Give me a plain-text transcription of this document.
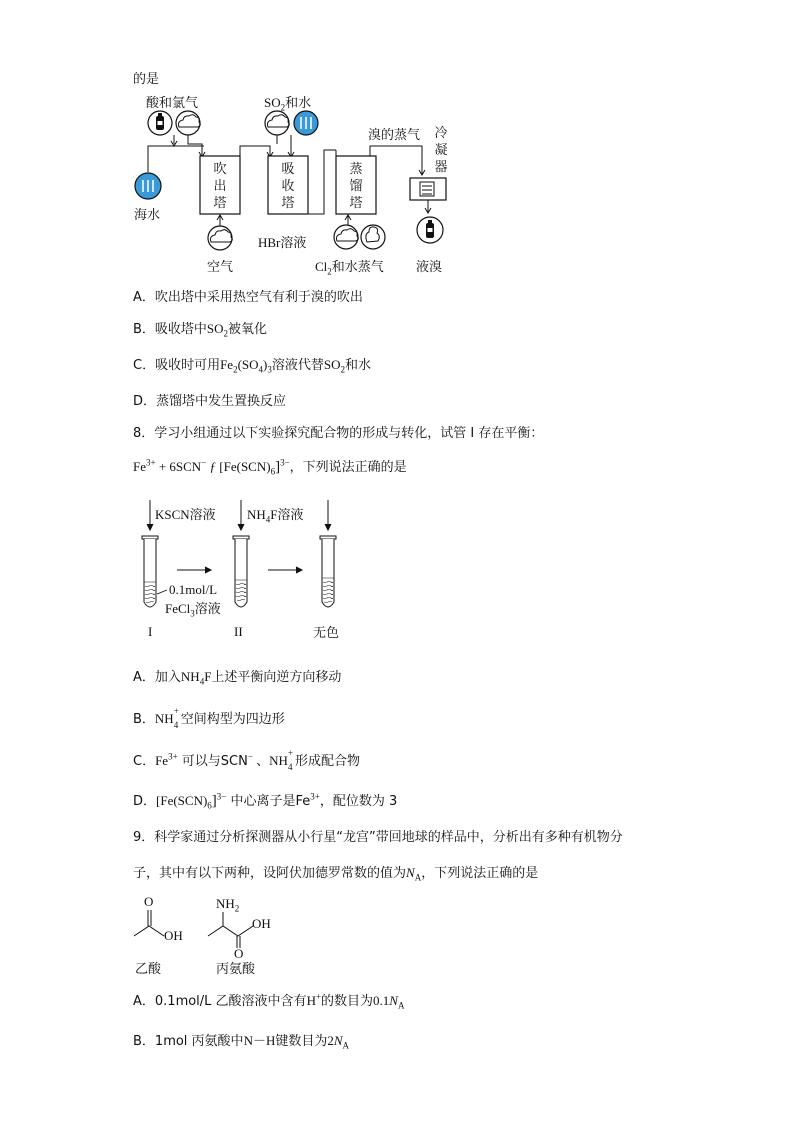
的是
酸和氯气	$SO_2$和水
溴的蒸气 冷
凝
器
海水
吹
出
塔
吸
收
塔
蒸
馏
塔
空气
HBr溶液
$Cl_2$和水蒸气 液溴
A．吹出塔中采用热空气有利于溴的吹出
B．吸收塔中$SO_2$被氧化
C．吸收时可用$Fe_2(SO_4)_3$溶液代替$SO_2$和水
D．蒸馏塔中发生置换反应
8．学习小组通过以下实验探究配合物的形成与转化，试管 I 存在平衡：
$Fe^{3+} + 6SCN^-$ ƒ $[Fe(SCN)_6]^{3-}$，下列说法正确的是
KSCN溶液 $NH_4F$溶液
0.1mol/L
FeCl$_3$溶液
I	II	无色
A．加入$NH_4F$上述平衡向逆方向移动
B．NH +
4 空间构型为四边形
C．$Fe^{3+}$ 可以与SCN− 、NH +
4 形成配合物
D．$[Fe(SCN)_6]^{3-}$ 中心离子是$Fe^{3+}$，配位数为 3
9．科学家通过分析探测器从小行星“龙宫”带回地球的样品中，分析出有多种有机物分
子，其中有以下两种，设阿伏加德罗常数的值为$N_A$，下列说法正确的是
O
OH
$NH_2$
OH
O
乙酸	丙氨酸
A．0.1mol/L 乙酸溶液中含有H+的数目为$0.1N_A$
B．1mol 丙氨酸中N－H键数目为$2N_A$
